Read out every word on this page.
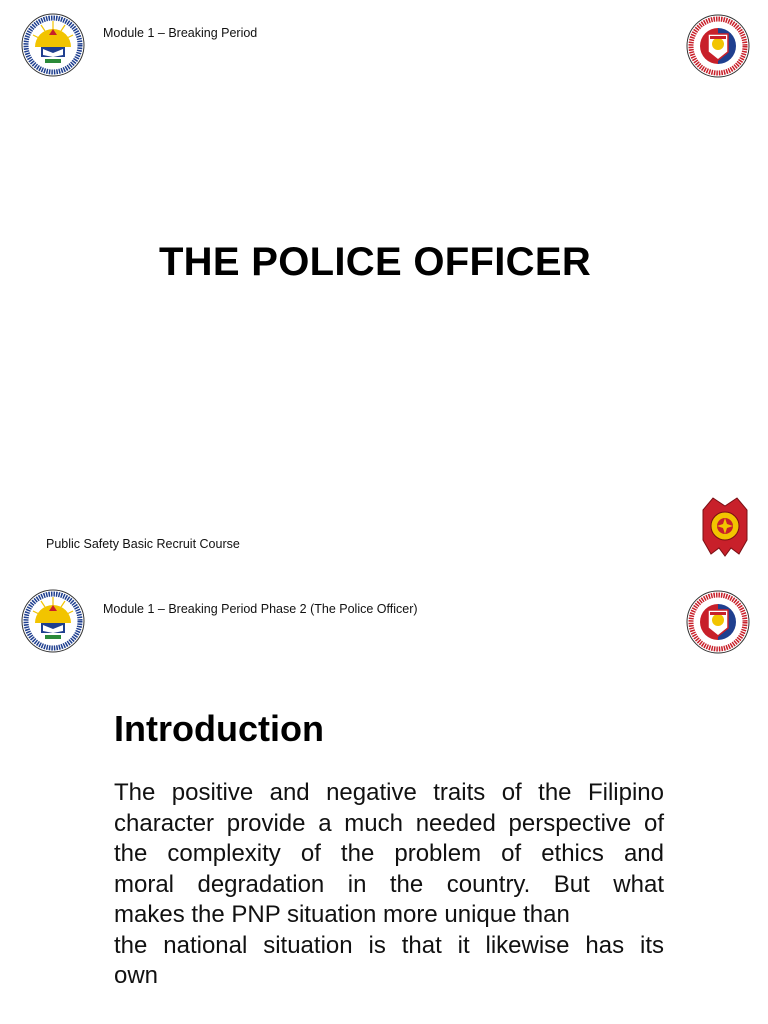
Module 1 – Breaking Period
THE POLICE OFFICER
Public Safety Basic Recruit Course
Module 1 – Breaking Period Phase 2 (The Police Officer)
Introduction
The positive and negative traits of the Filipino
character provide a much needed perspective of
the complexity of the problem of ethics and
moral degradation in the country. But what
makes the PNP situation more unique than
the national situation is that it likewise has its
own
